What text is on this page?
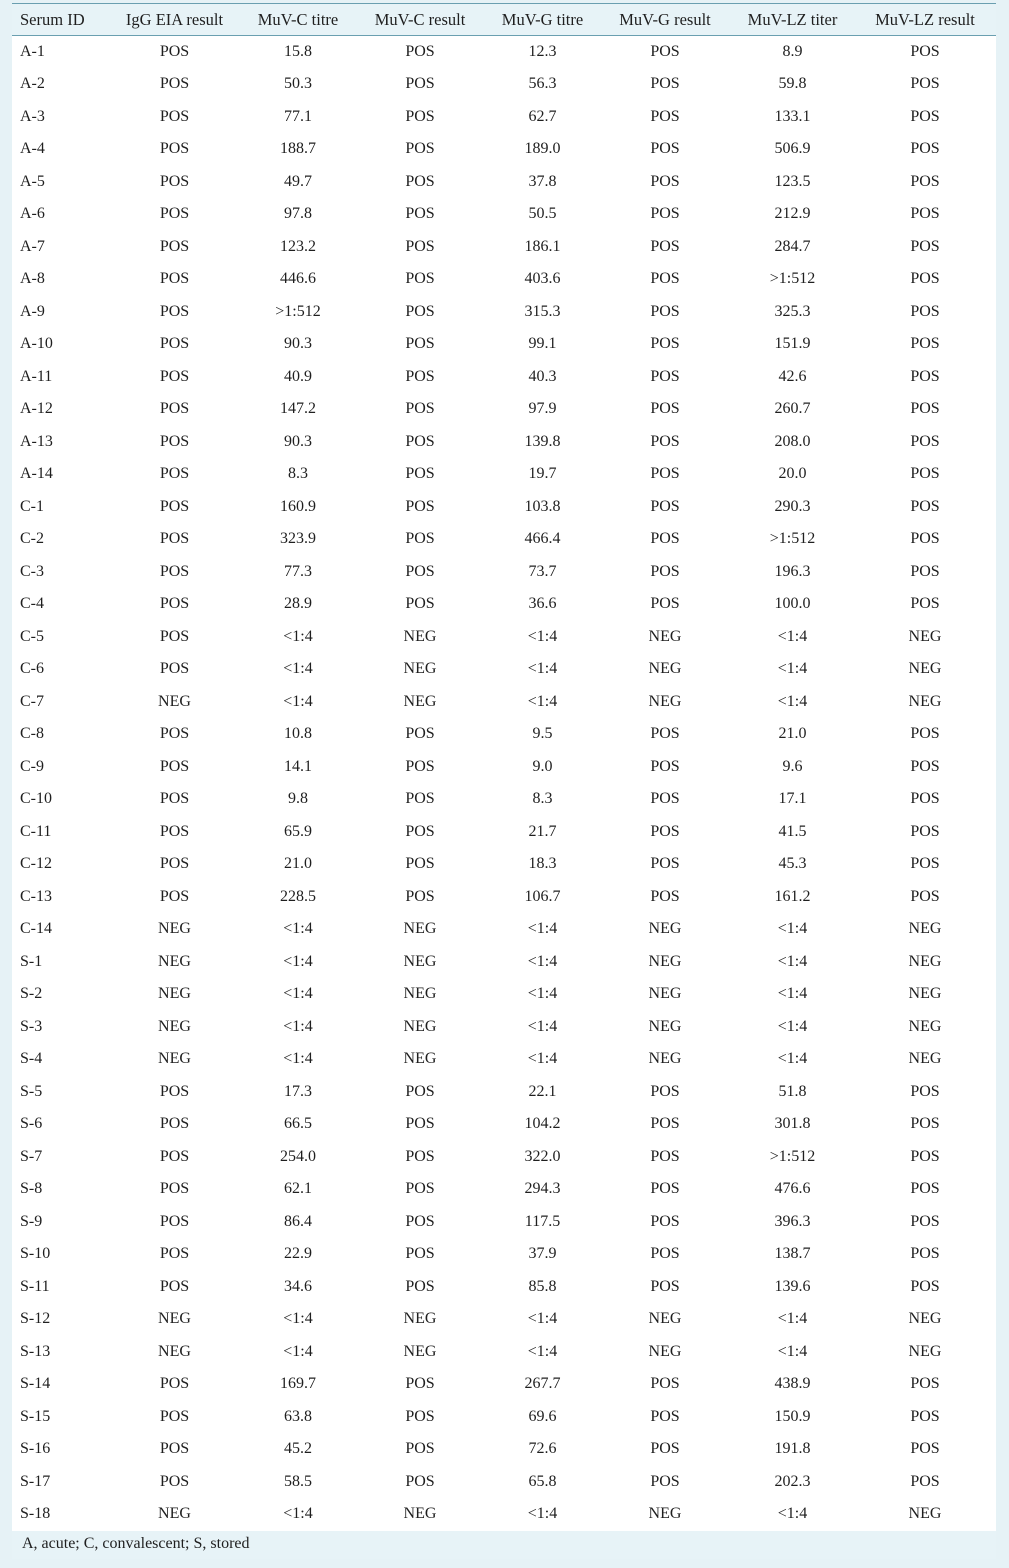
Serum ID	IgG EIA result	MuV-C titre	MuV-C result	MuV-G titre	MuV-G result	MuV-LZ titer	MuV-LZ result
A-1	POS	15.8	POS	12.3	POS	8.9	POS
A-2	POS	50.3	POS	56.3	POS	59.8	POS
A-3	POS	77.1	POS	62.7	POS	133.1	POS
A-4	POS	188.7	POS	189.0	POS	506.9	POS
A-5	POS	49.7	POS	37.8	POS	123.5	POS
A-6	POS	97.8	POS	50.5	POS	212.9	POS
A-7	POS	123.2	POS	186.1	POS	284.7	POS
A-8	POS	446.6	POS	403.6	POS	>1:512	POS
A-9	POS	>1:512	POS	315.3	POS	325.3	POS
A-10	POS	90.3	POS	99.1	POS	151.9	POS
A-11	POS	40.9	POS	40.3	POS	42.6	POS
A-12	POS	147.2	POS	97.9	POS	260.7	POS
A-13	POS	90.3	POS	139.8	POS	208.0	POS
A-14	POS	8.3	POS	19.7	POS	20.0	POS
C-1	POS	160.9	POS	103.8	POS	290.3	POS
C-2	POS	323.9	POS	466.4	POS	>1:512	POS
C-3	POS	77.3	POS	73.7	POS	196.3	POS
C-4	POS	28.9	POS	36.6	POS	100.0	POS
C-5	POS	<1:4	NEG	<1:4	NEG	<1:4	NEG
C-6	POS	<1:4	NEG	<1:4	NEG	<1:4	NEG
C-7	NEG	<1:4	NEG	<1:4	NEG	<1:4	NEG
C-8	POS	10.8	POS	9.5	POS	21.0	POS
C-9	POS	14.1	POS	9.0	POS	9.6	POS
C-10	POS	9.8	POS	8.3	POS	17.1	POS
C-11	POS	65.9	POS	21.7	POS	41.5	POS
C-12	POS	21.0	POS	18.3	POS	45.3	POS
C-13	POS	228.5	POS	106.7	POS	161.2	POS
C-14	NEG	<1:4	NEG	<1:4	NEG	<1:4	NEG
S-1	NEG	<1:4	NEG	<1:4	NEG	<1:4	NEG
S-2	NEG	<1:4	NEG	<1:4	NEG	<1:4	NEG
S-3	NEG	<1:4	NEG	<1:4	NEG	<1:4	NEG
S-4	NEG	<1:4	NEG	<1:4	NEG	<1:4	NEG
S-5	POS	17.3	POS	22.1	POS	51.8	POS
S-6	POS	66.5	POS	104.2	POS	301.8	POS
S-7	POS	254.0	POS	322.0	POS	>1:512	POS
S-8	POS	62.1	POS	294.3	POS	476.6	POS
S-9	POS	86.4	POS	117.5	POS	396.3	POS
S-10	POS	22.9	POS	37.9	POS	138.7	POS
S-11	POS	34.6	POS	85.8	POS	139.6	POS
S-12	NEG	<1:4	NEG	<1:4	NEG	<1:4	NEG
S-13	NEG	<1:4	NEG	<1:4	NEG	<1:4	NEG
S-14	POS	169.7	POS	267.7	POS	438.9	POS
S-15	POS	63.8	POS	69.6	POS	150.9	POS
S-16	POS	45.2	POS	72.6	POS	191.8	POS
S-17	POS	58.5	POS	65.8	POS	202.3	POS
S-18	NEG	<1:4	NEG	<1:4	NEG	<1:4	NEG
A, acute; C, convalescent; S, stored
